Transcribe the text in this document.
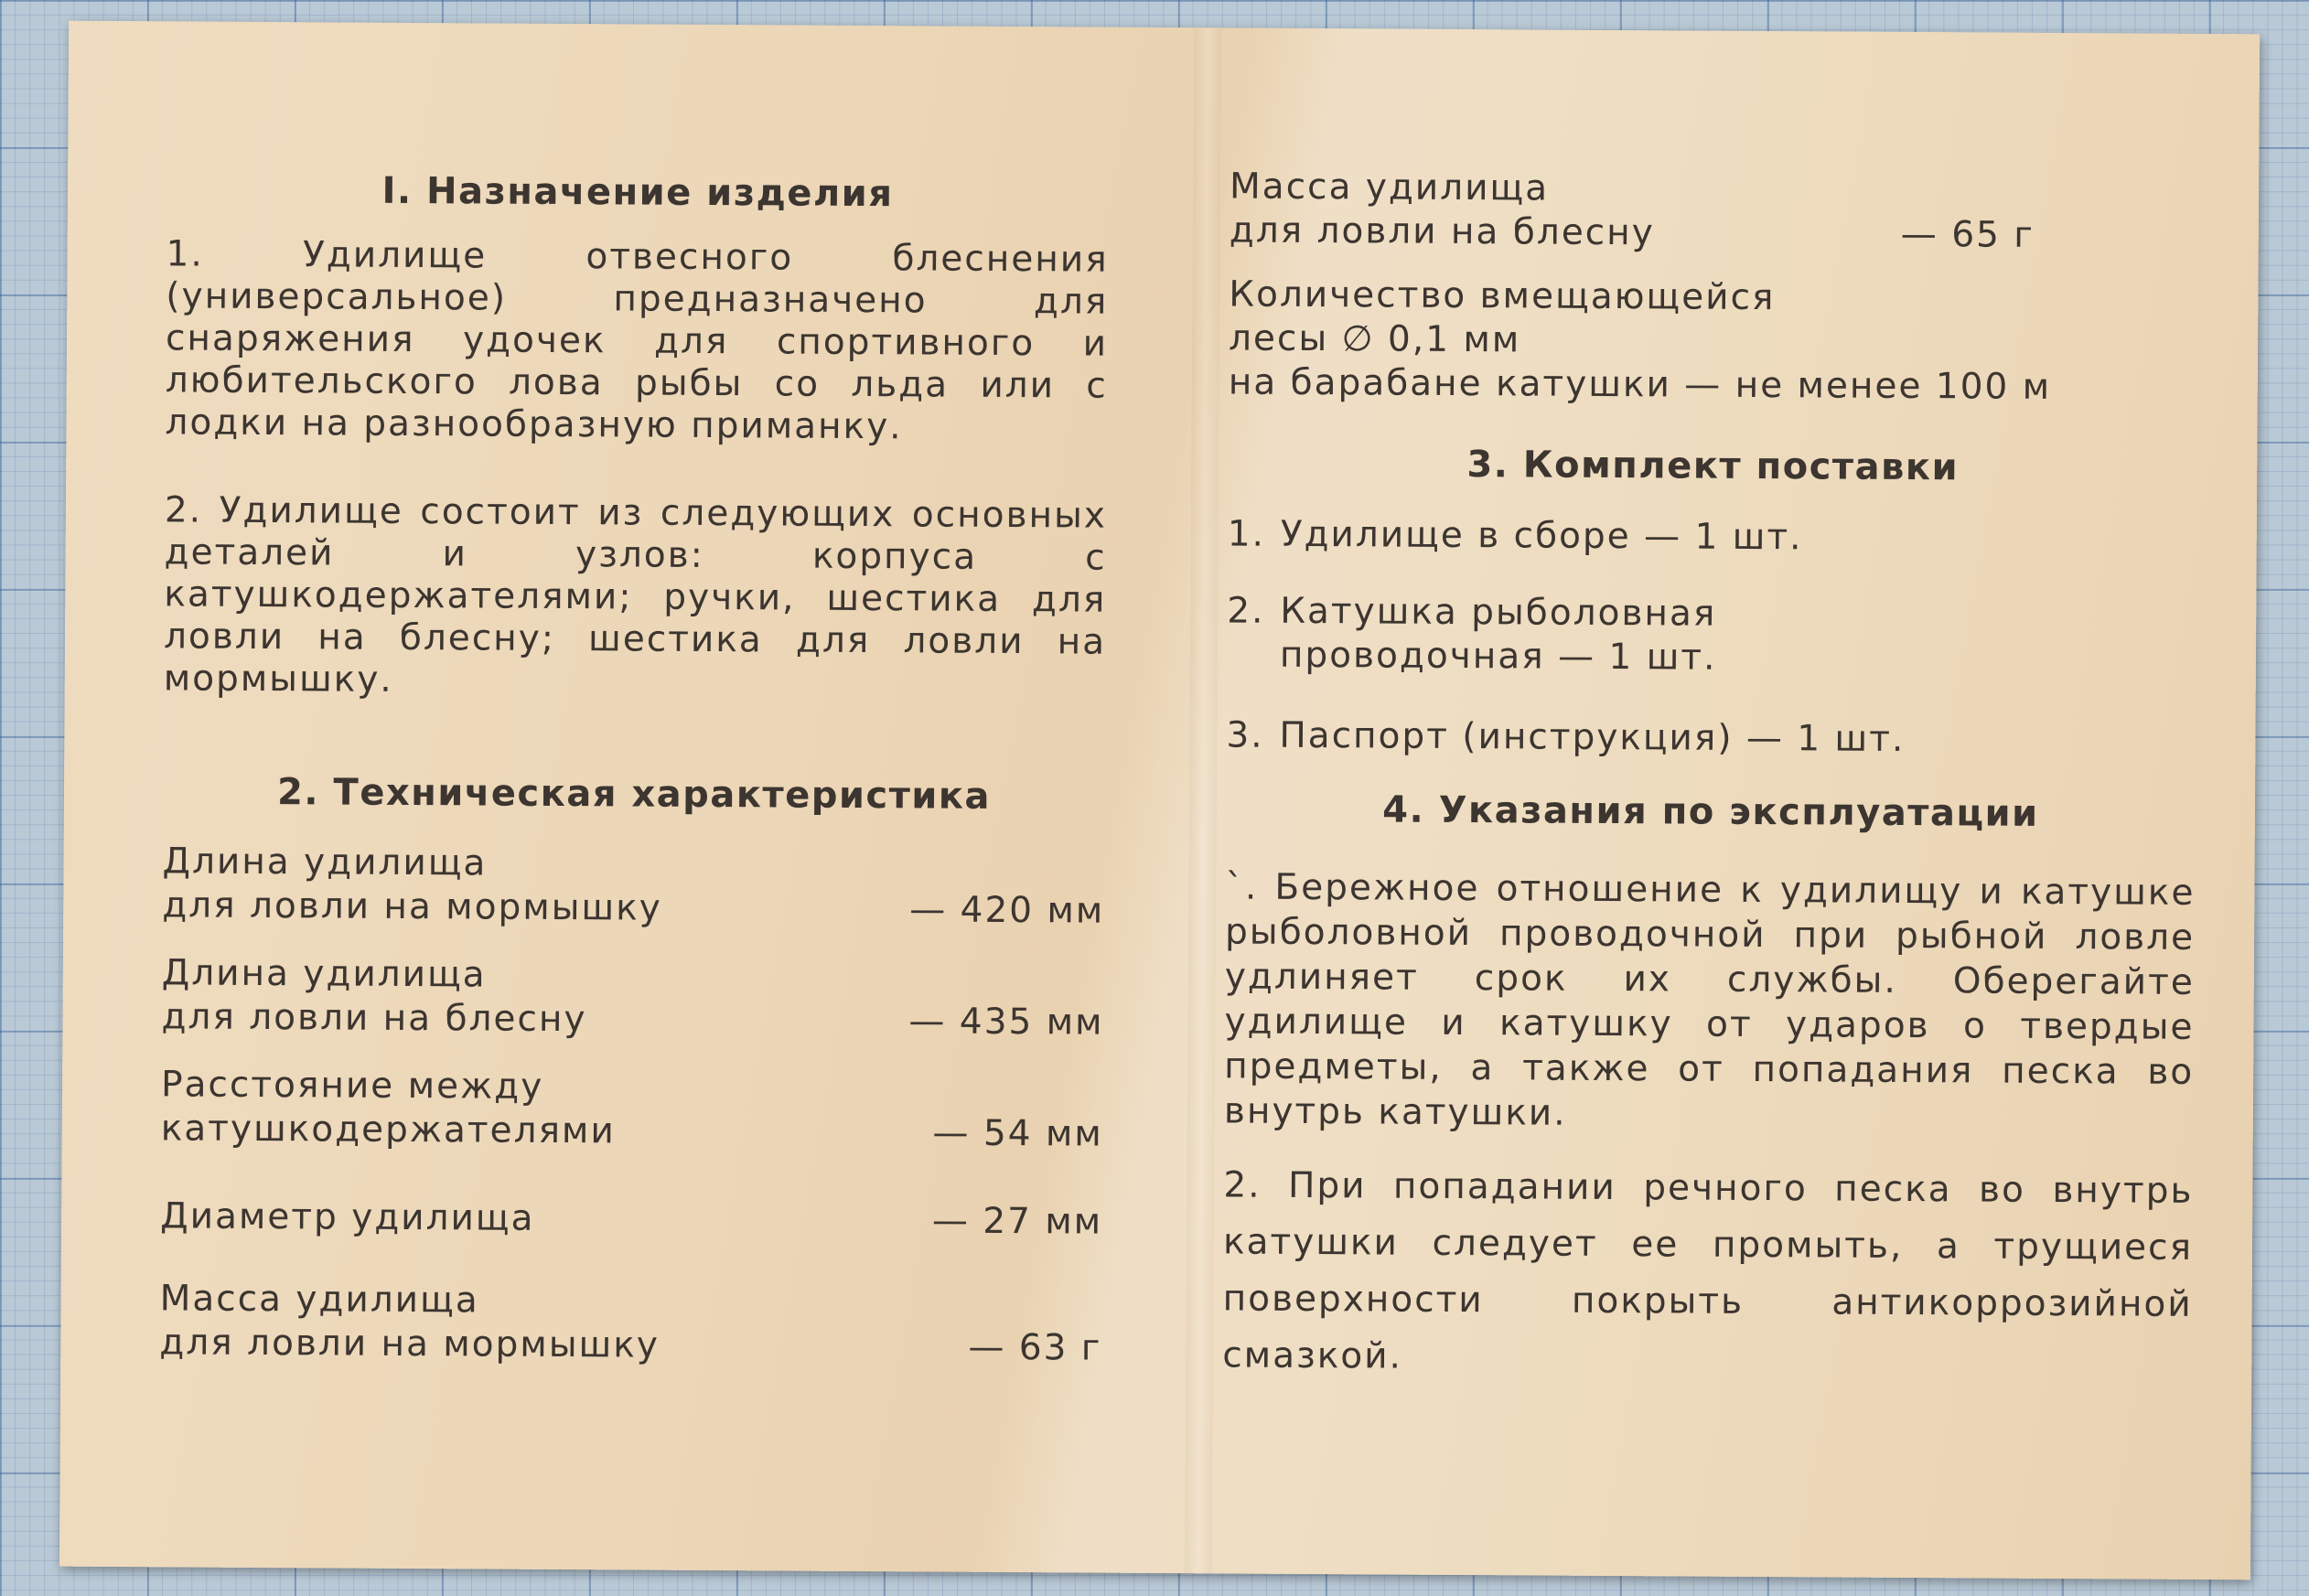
I. Назначение изделия

1. Удилище отвесного блеснения (универсальное) предназначено для снаряжения удочек для спортивного и любительского лова рыбы со льда или с лодки на разнообразную приманку.

2. Удилище состоит из следующих основных деталей и узлов: корпуса с катушкодержателями; ручки, шестика для ловли на блесну; шестика для ловли на мормышку.

2. Техническая характеристика
Длина удилища
для ловли на мормышку	— 420 мм
Длина удилища
для ловли на блесну	— 435 мм
Расстояние между
катушкодержателями	— 54 мм
Диаметр удилища	— 27 мм
Масса удилища
для ловли на мормышку	— 63 г
Масса удилища
для ловли на блесну	— 65 г
Количество вмещающейся
лесы ∅ 0,1 мм
на барабане катушки — не менее 100 м
3. Комплект поставки
1. Удилище в сборе — 1 шт.
2. Катушка рыболовная
проводочная — 1 шт.
3. Паспорт (инструкция) — 1 шт.
4. Указания по эксплуатации

`. Бережное отношение к удилищу и катушке рыболовной проводочной при рыбной ловле удлиняет срок их службы. Оберегайте удилище и катушку от ударов о твердые предметы, а также от попадания песка во внутрь катушки.

2. При попадании речного песка во внутрь катушки следует ее промыть, а трущиеся поверхности покрыть антикоррозийной смазкой.
